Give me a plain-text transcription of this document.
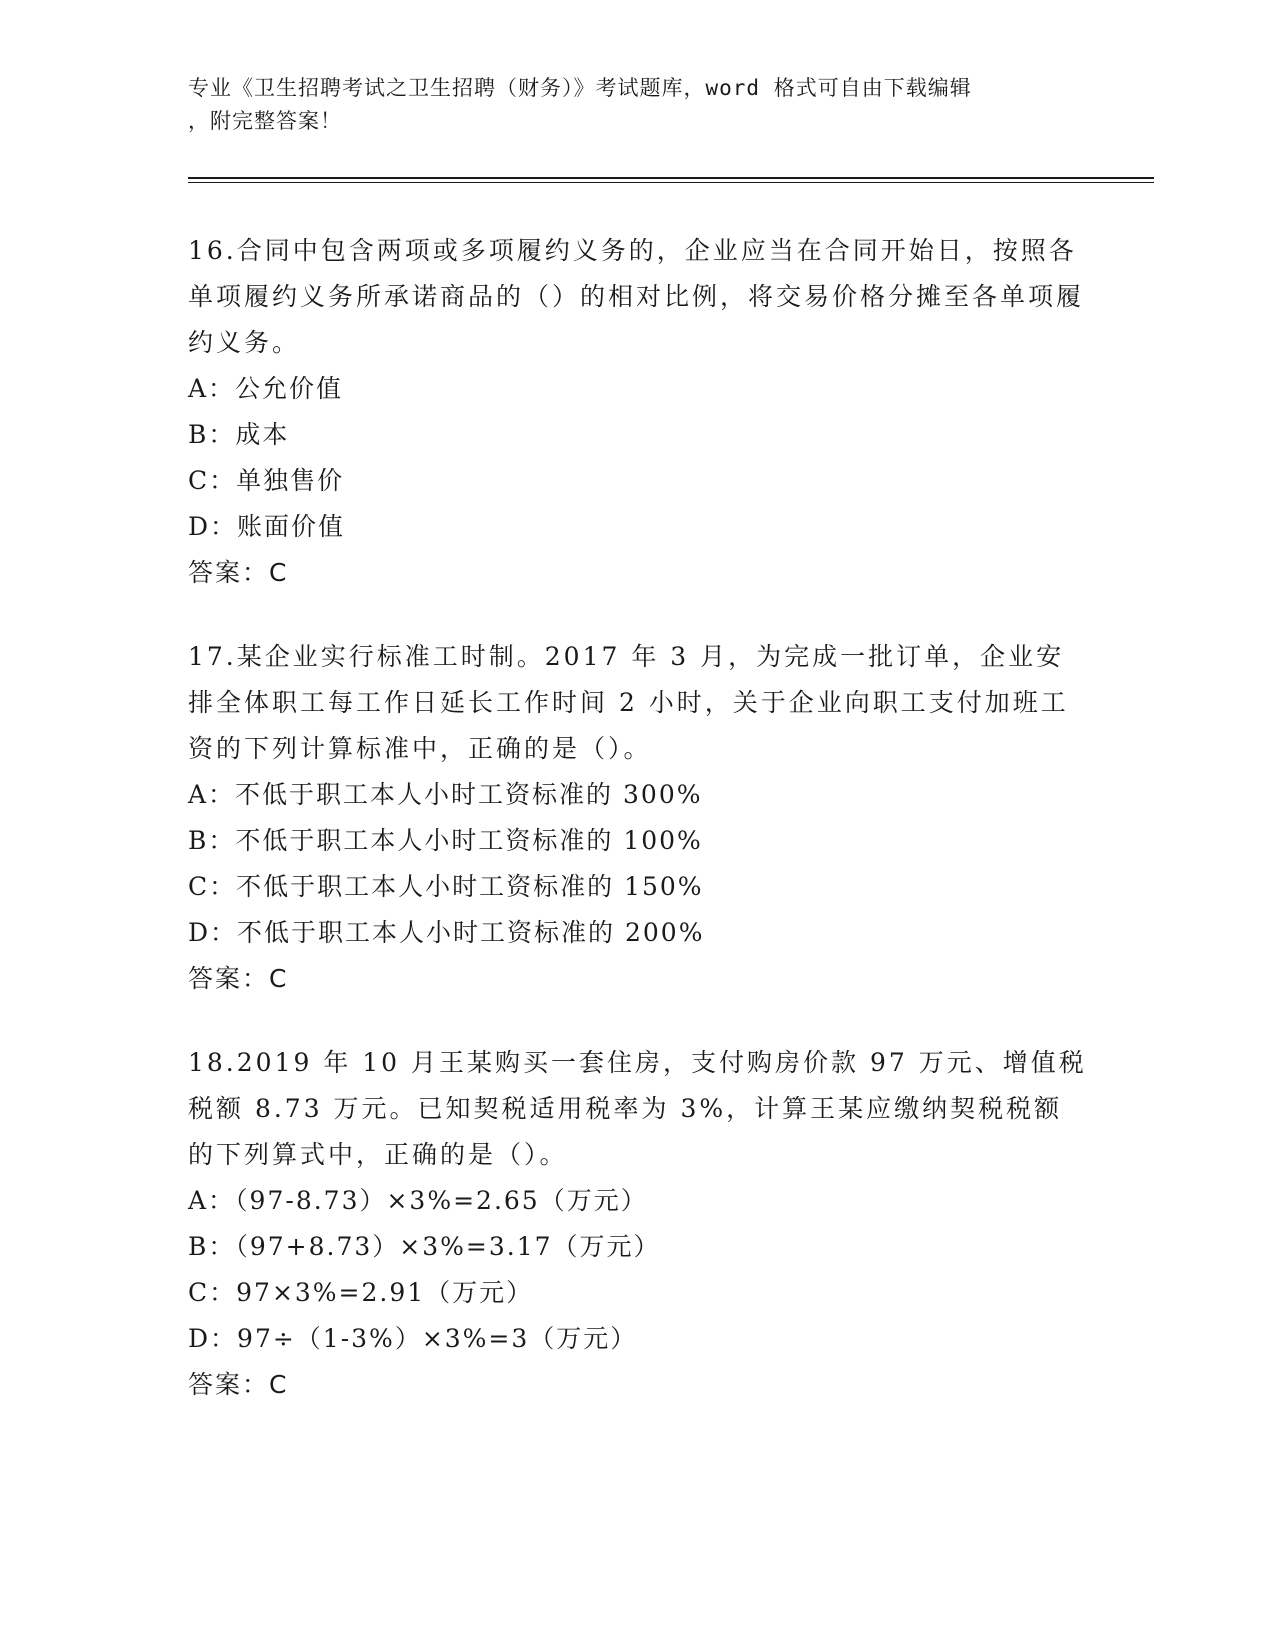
专业《卫生招聘考试之卫生招聘（财务）》考试题库，word 格式可自由下载编辑
，附完整答案！
16.合同中包含两项或多项履约义务的，企业应当在合同开始日，按照各单项履约义务所承诺商品的（）的相对比例，将交易价格分摊至各单项履约义务。
A：公允价值
B：成本
C：单独售价
D：账面价值
答案：C
17.某企业实行标准工时制。2017 年 3 月，为完成一批订单，企业安排全体职工每工作日延长工作时间 2 小时，关于企业向职工支付加班工资的下列计算标准中，正确的是（）。
A：不低于职工本人小时工资标准的 300%
B：不低于职工本人小时工资标准的 100%
C：不低于职工本人小时工资标准的 150%
D：不低于职工本人小时工资标准的 200%
答案：C
18.2019 年 10 月王某购买一套住房，支付购房价款 97 万元、增值税税额 8.73 万元。已知契税适用税率为 3%，计算王某应缴纳契税税额的下列算式中，正确的是（）。
A：（97-8.73）×3%=2.65（万元）
B：（97+8.73）×3%=3.17（万元）
C：97×3%=2.91（万元）
D：97÷（1-3%）×3%=3（万元）
答案：C
